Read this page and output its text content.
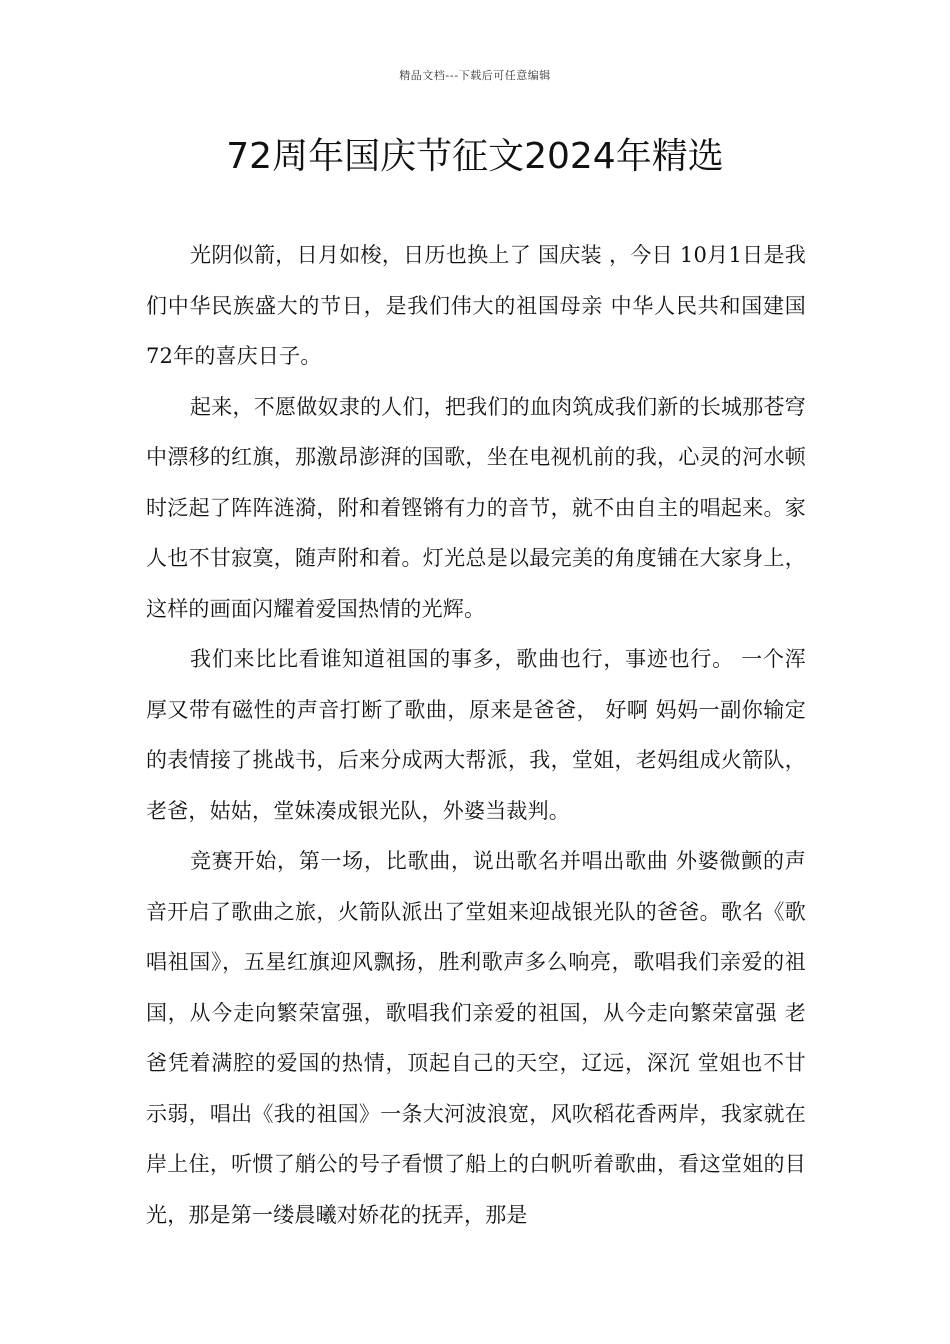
精品文档---下载后可任意编辑
72周年国庆节征文2024年精选

光阴似箭，日月如梭，日历也换上了 国庆装 ，今日 10月1日是我们中华民族盛大的节日，是我们伟大的祖国母亲 中华人民共和国建国72年的喜庆日子。

起来，不愿做奴隶的人们，把我们的血肉筑成我们新的长城那苍穹中漂移的红旗，那激昂澎湃的国歌，坐在电视机前的我，心灵的河水顿时泛起了阵阵涟漪，附和着铿锵有力的音节，就不由自主的唱起来。家人也不甘寂寞，随声附和着。灯光总是以最完美的角度铺在大家身上，这样的画面闪耀着爱国热情的光辉。

我们来比比看谁知道祖国的事多，歌曲也行，事迹也行。 一个浑厚又带有磁性的声音打断了歌曲，原来是爸爸， 好啊 妈妈一副你输定的表情接了挑战书，后来分成两大帮派，我，堂姐，老妈组成火箭队，老爸，姑姑，堂妹凑成银光队，外婆当裁判。

竞赛开始，第一场，比歌曲，说出歌名并唱出歌曲 外婆微颤的声音开启了歌曲之旅，火箭队派出了堂姐来迎战银光队的爸爸。歌名《歌唱祖国》，五星红旗迎风飘扬，胜利歌声多么响亮，歌唱我们亲爱的祖国，从今走向繁荣富强，歌唱我们亲爱的祖国，从今走向繁荣富强 老爸凭着满腔的爱国的热情，顶起自己的天空，辽远，深沉 堂姐也不甘示弱，唱出《我的祖国》一条大河波浪宽，风吹稻花香两岸，我家就在岸上住，听惯了艄公的号子看惯了船上的白帆听着歌曲，看这堂姐的目光，那是第一缕晨曦对娇花的抚弄，那是
